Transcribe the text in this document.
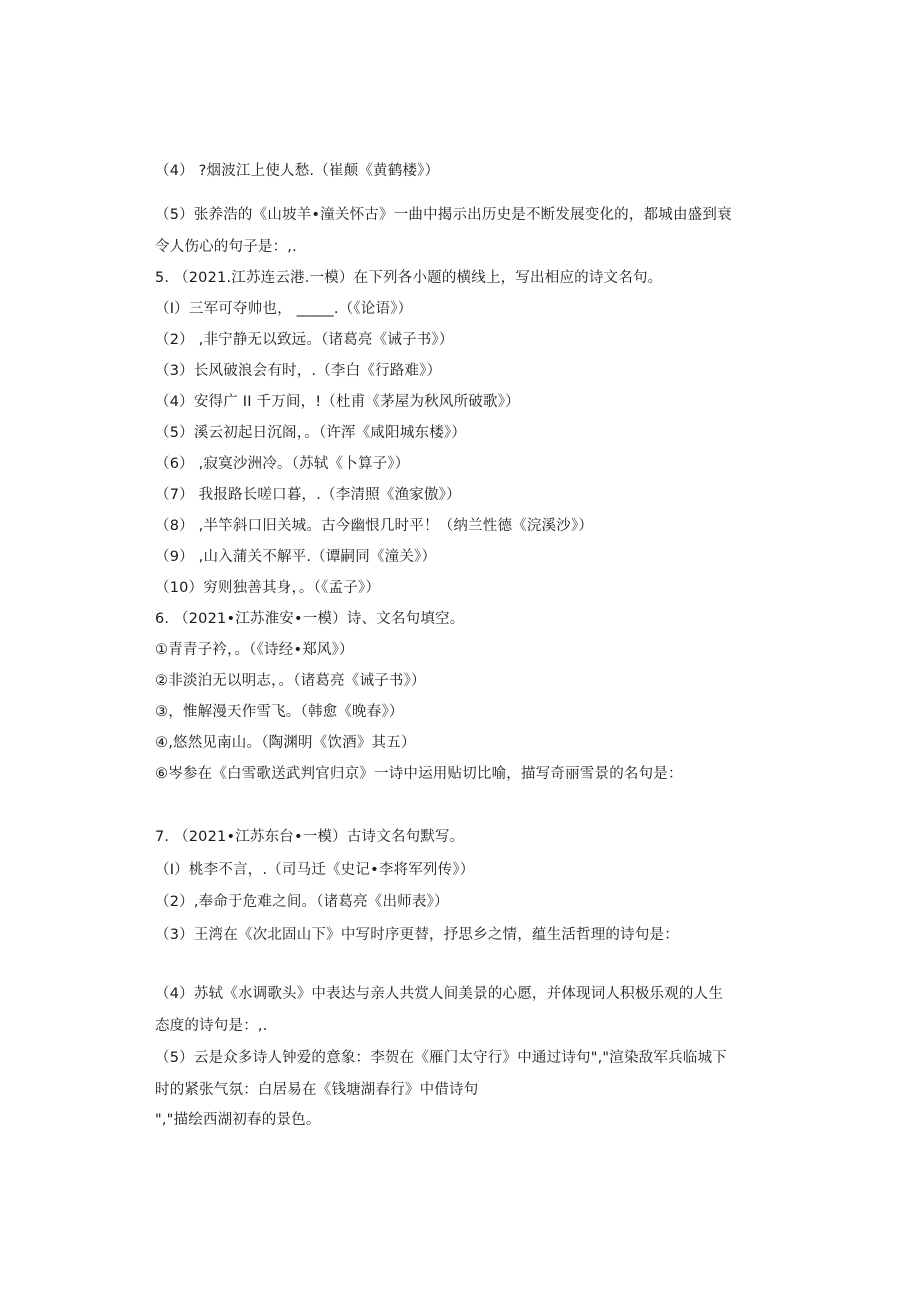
（4） ?烟波江上使人愁.（崔颠《黄鹤楼》）
（5）张养浩的《山坡羊•潼关怀古》一曲中揭示出历史是不断发展变化的，都城由盛到衰
令人伤心的句子是：,.
5. （2021.江苏连云港.一模）在下列各小题的横线上，写出相应的诗文名句。
（I）三军可夺帅也， _____.（《论语》）
（2） ,非宁静无以致远。（诸葛亮《诫子书》）
（3）长风破浪会有时，.（李白《行路难》）
（4）安得广 II 千万间，!（杜甫《茅屋为秋风所破歌》）
（5）溪云初起日沉阁，。（许浑《咸阳城东楼》）
（6） ,寂寞沙洲冷。（苏轼《卜算子》）
（7） 我报路长嗟口暮，.（李清照《渔家傲》）
（8） ,半竿斜口旧关城。古今幽恨几时平！（纳兰性德《浣溪沙》）
（9） ,山入蒲关不解平.（谭嗣同《潼关》）
（10）穷则独善其身，。（《孟子》）
6. （2021•江苏淮安•一模）诗、文名句填空。
①青青子衿，。（《诗经•郑风》）
②非淡泊无以明志，。（诸葛亮《诫子书》）
③，惟解漫天作雪飞。（韩愈《晚春》）
④,悠然见南山。（陶渊明《饮酒》其五）
⑥岑参在《白雪歌送武判官归京》一诗中运用贴切比喻，描写奇丽雪景的名句是：
7. （2021•江苏东台•一模）古诗文名句默写。
（I）桃李不言，.（司马迁《史记•李将军列传》）
（2）,奉命于危难之间。（诸葛亮《出师表》）
（3）王湾在《次北固山下》中写时序更替，抒思乡之情，蕴生活哲理的诗句是：
（4）苏轼《水调歌头》中表达与亲人共赏人间美景的心愿，并体现词人积极乐观的人生
态度的诗句是：,.
（5）云是众多诗人钟爱的意象：李贺在《雁门太守行》中通过诗句","渲染敌军兵临城下
时的紧张气氛：白居易在《钱塘湖春行》中借诗句
","描绘西湖初春的景色。
